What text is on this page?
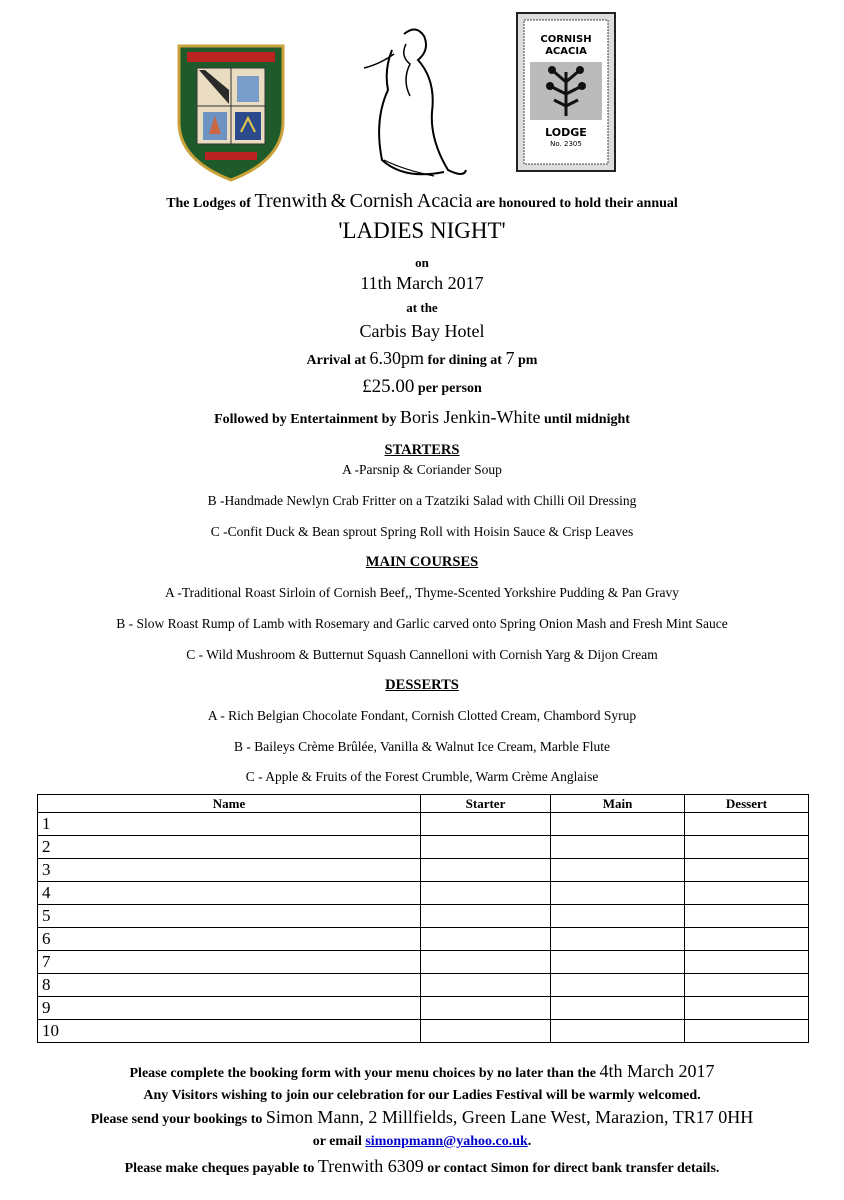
CORNISH
ACACIA
LODGE
No. 2305
The Lodges of Trenwith & Cornish Acacia are honoured to hold their annual
'LADIES NIGHT'
on
11th March 2017
at the
Carbis Bay Hotel
Arrival at 6.30pm for dining at 7 pm
£25.00 per person
Followed by Entertainment by Boris Jenkin-White until midnight
STARTERS
A -Parsnip & Coriander Soup
B -Handmade Newlyn Crab Fritter on a Tzatziki Salad with Chilli Oil Dressing
C -Confit Duck & Bean sprout Spring Roll with Hoisin Sauce & Crisp Leaves
MAIN COURSES
A -Traditional Roast Sirloin of Cornish Beef,, Thyme-Scented Yorkshire Pudding & Pan Gravy
B - Slow Roast Rump of Lamb with Rosemary and Garlic carved onto Spring Onion Mash and Fresh Mint Sauce
C - Wild Mushroom & Butternut Squash Cannelloni with Cornish Yarg & Dijon Cream
DESSERTS
A - Rich Belgian Chocolate Fondant, Cornish Clotted Cream, Chambord Syrup
B - Baileys Crème Brûlée, Vanilla & Walnut Ice Cream, Marble Flute
C - Apple & Fruits of the Forest Crumble, Warm Crème Anglaise
Name	Starter	Main	Dessert
1			
2			
3			
4			
5			
6			
7			
8			
9			
10			
Please complete the booking form with your menu choices by no later than the 4th March 2017
Any Visitors wishing to join our celebration for our Ladies Festival will be warmly welcomed.
Please send your bookings to Simon Mann, 2 Millfields, Green Lane West, Marazion, TR17 0HH
or email simonpmann@yahoo.co.uk.
Please make cheques payable to Trenwith 6309 or contact Simon for direct bank transfer details.
